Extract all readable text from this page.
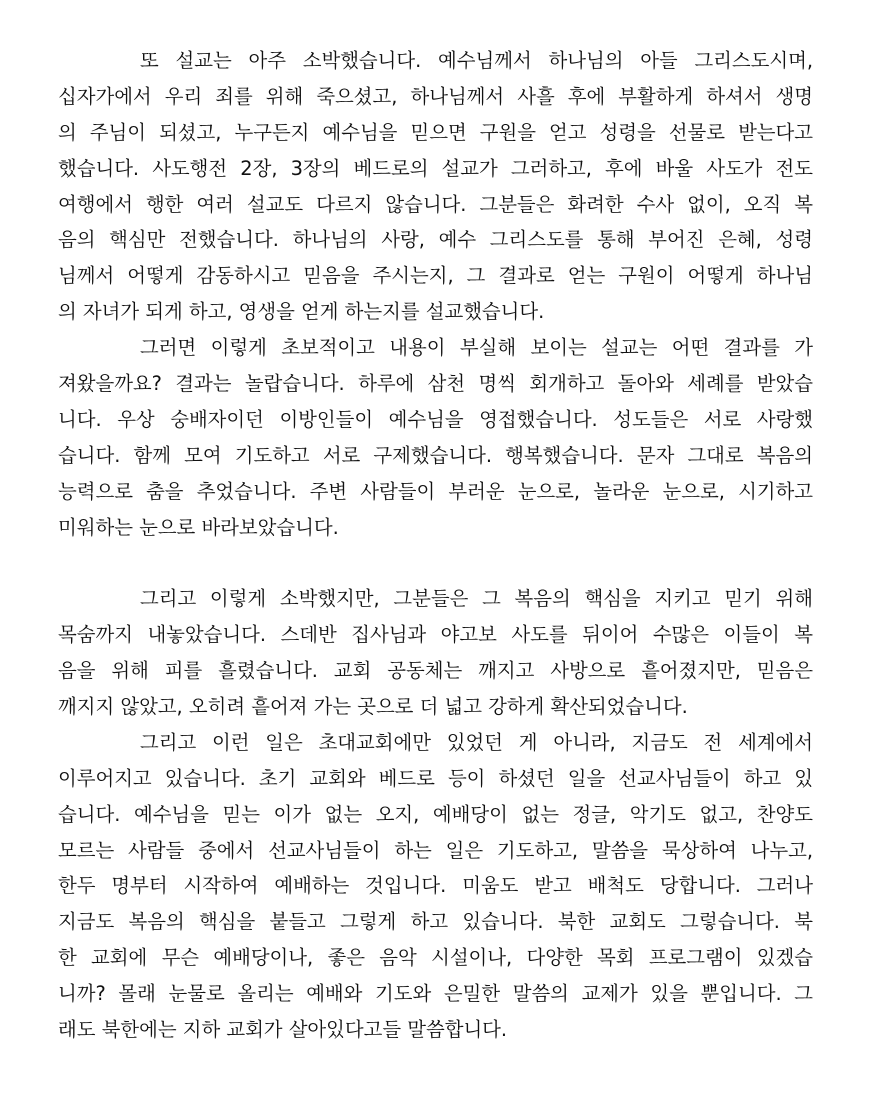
또 설교는 아주 소박했습니다. 예수님께서 하나님의 아들 그리스도시며,
십자가에서 우리 죄를 위해 죽으셨고, 하나님께서 사흘 후에 부활하게 하셔서 생명
의 주님이 되셨고, 누구든지 예수님을 믿으면 구원을 얻고 성령을 선물로 받는다고
했습니다. 사도행전 2장, 3장의 베드로의 설교가 그러하고, 후에 바울 사도가 전도
여행에서 행한 여러 설교도 다르지 않습니다. 그분들은 화려한 수사 없이, 오직 복
음의 핵심만 전했습니다. 하나님의 사랑, 예수 그리스도를 통해 부어진 은혜, 성령
님께서 어떻게 감동하시고 믿음을 주시는지, 그 결과로 얻는 구원이 어떻게 하나님
의 자녀가 되게 하고, 영생을 얻게 하는지를 설교했습니다.
그러면 이렇게 초보적이고 내용이 부실해 보이는 설교는 어떤 결과를 가
져왔을까요? 결과는 놀랍습니다. 하루에 삼천 명씩 회개하고 돌아와 세례를 받았습
니다. 우상 숭배자이던 이방인들이 예수님을 영접했습니다. 성도들은 서로 사랑했
습니다. 함께 모여 기도하고 서로 구제했습니다. 행복했습니다. 문자 그대로 복음의
능력으로 춤을 추었습니다. 주변 사람들이 부러운 눈으로, 놀라운 눈으로, 시기하고
미워하는 눈으로 바라보았습니다.
그리고 이렇게 소박했지만, 그분들은 그 복음의 핵심을 지키고 믿기 위해
목숨까지 내놓았습니다. 스데반 집사님과 야고보 사도를 뒤이어 수많은 이들이 복
음을 위해 피를 흘렸습니다. 교회 공동체는 깨지고 사방으로 흩어졌지만, 믿음은
깨지지 않았고, 오히려 흩어져 가는 곳으로 더 넓고 강하게 확산되었습니다.
그리고 이런 일은 초대교회에만 있었던 게 아니라, 지금도 전 세계에서
이루어지고 있습니다. 초기 교회와 베드로 등이 하셨던 일을 선교사님들이 하고 있
습니다. 예수님을 믿는 이가 없는 오지, 예배당이 없는 정글, 악기도 없고, 찬양도
모르는 사람들 중에서 선교사님들이 하는 일은 기도하고, 말씀을 묵상하여 나누고,
한두 명부터 시작하여 예배하는 것입니다. 미움도 받고 배척도 당합니다. 그러나
지금도 복음의 핵심을 붙들고 그렇게 하고 있습니다. 북한 교회도 그렇습니다. 북
한 교회에 무슨 예배당이나, 좋은 음악 시설이나, 다양한 목회 프로그램이 있겠습
니까? 몰래 눈물로 올리는 예배와 기도와 은밀한 말씀의 교제가 있을 뿐입니다. 그
래도 북한에는 지하 교회가 살아있다고들 말씀합니다.
